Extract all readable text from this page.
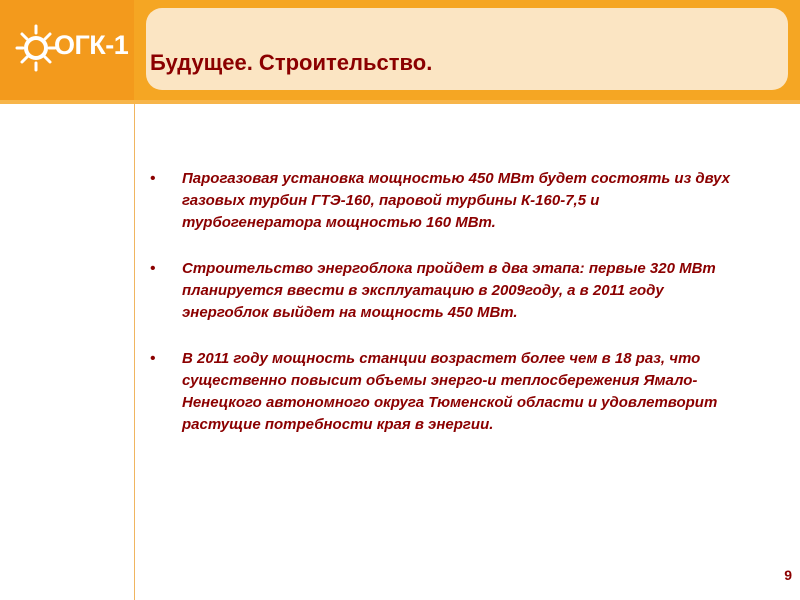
ОГК-1
Будущее. Строительство.
• Парогазовая установка мощностью 450 МВт будет состоять из двух газовых турбин ГТЭ-160, паровой турбины К-160-7,5 и турбогенератора мощностью 160 МВт.
• Строительство энергоблока пройдет в два этапа: первые 320 МВт планируется ввести в эксплуатацию в 2009году, а в 2011 году энергоблок выйдет на мощность 450 МВт.
• В 2011 году мощность станции возрастет более чем в 18 раз, что существенно повысит объемы энерго-и теплосбережения Ямало-Ненецкого автономного округа Тюменской области и удовлетворит растущие потребности края в энергии.
9
